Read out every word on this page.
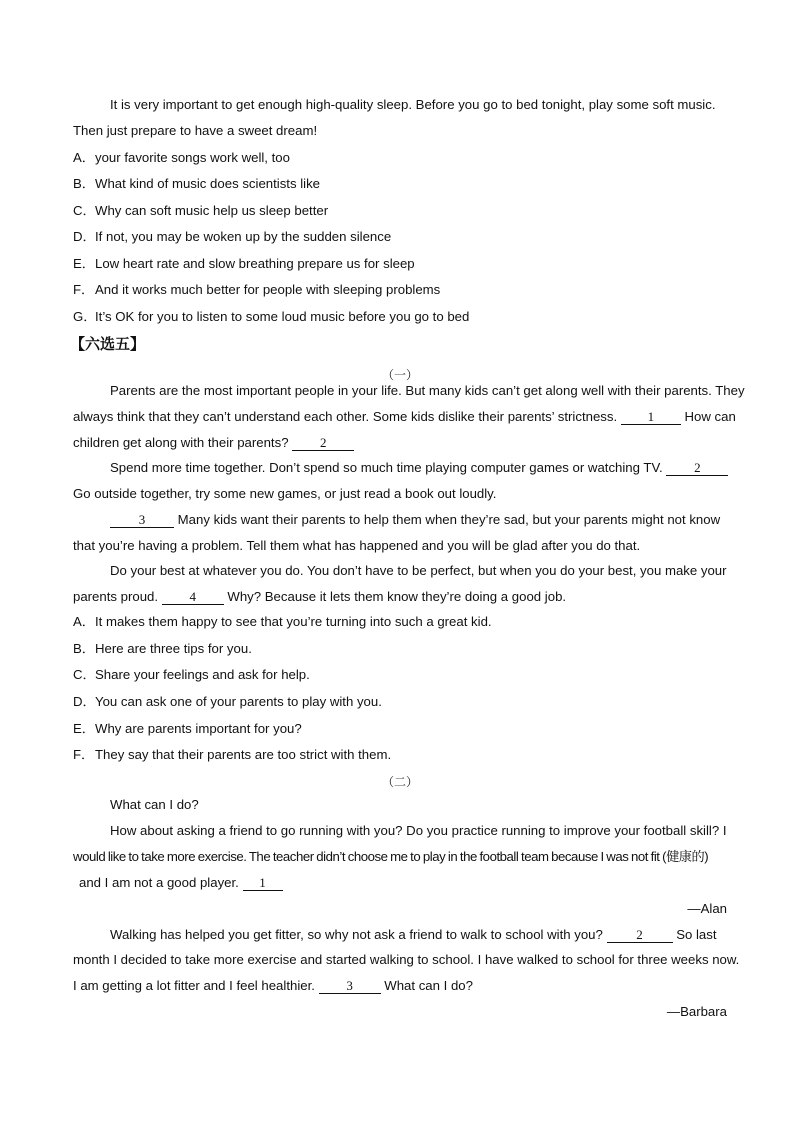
It is very important to get enough high-quality sleep. Before you go to bed tonight, play some soft music.
Then just prepare to have a sweet dream!
A．your favorite songs work well, too
B．What kind of music does scientists like
C．Why can soft music help us sleep better
D．If not, you may be woken up by the sudden silence
E．Low heart rate and slow breathing prepare us for sleep
F．And it works much better for people with sleeping problems
G．It’s OK for you to listen to some loud music before you go to bed
【六选五】
（一）
Parents are the most important people in your life. But many kids can’t get along well with their parents. They
always think that they can’t understand each other. Some kids dislike their parents’ strictness. 1 How can
children get along with their parents? 2
Spend more time together. Don’t spend so much time playing computer games or watching TV. 2
Go outside together, try some new games, or just read a book out loudly.
3 Many kids want their parents to help them when they’re sad, but your parents might not know
that you’re having a problem. Tell them what has happened and you will be glad after you do that.
Do your best at whatever you do. You don’t have to be perfect, but when you do your best, you make your
parents proud. 4 Why? Because it lets them know they’re doing a good job.
A．It makes them happy to see that you’re turning into such a great kid.
B．Here are three tips for you.
C．Share your feelings and ask for help.
D．You can ask one of your parents to play with you.
E．Why are parents important for you?
F．They say that their parents are too strict with them.
（二）
What can I do?
How about asking a friend to go running with you? Do you practice running to improve your football skill? I
would like to take more exercise. The teacher didn’t choose me to play in the football team because I was not fit (健康的)
and I am not a good player. 1
—Alan
Walking has helped you get fitter, so why not ask a friend to walk to school with you?	2	So last
month I decided to take more exercise and started walking to school. I have walked to school for three weeks now.
I am getting a lot fitter and I feel healthier. 3 What can I do?
—Barbara
